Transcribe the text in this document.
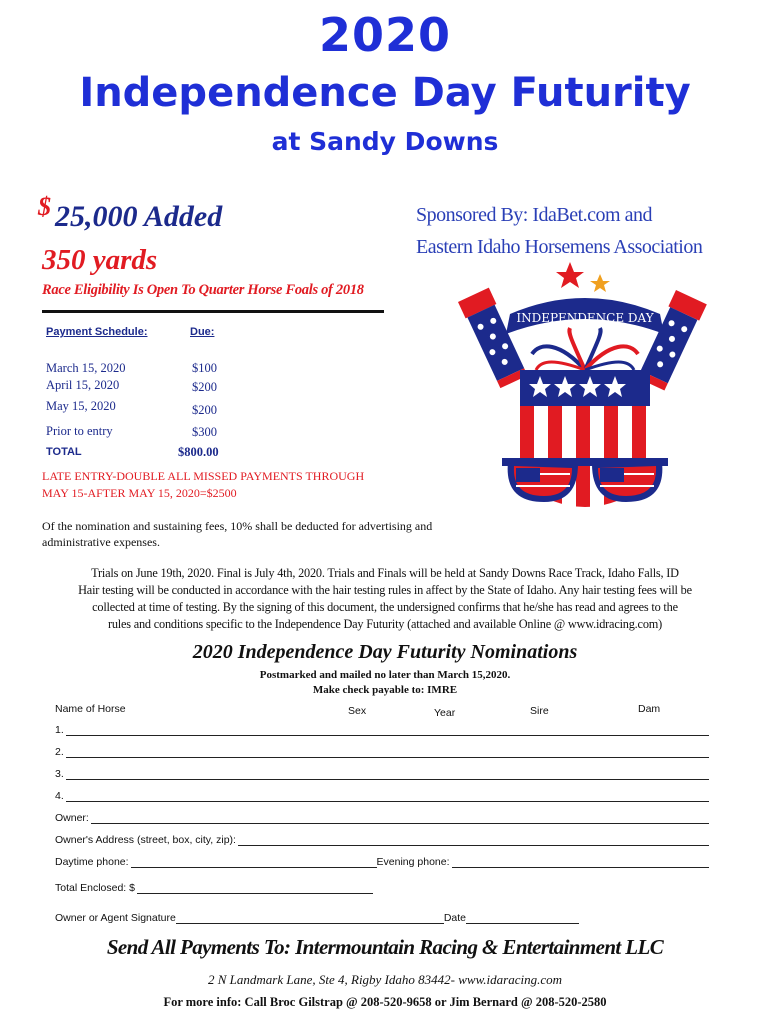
2020
Independence Day Futurity
at Sandy Downs
$ 25,000 Added
350 yards
Race Eligibility Is Open To Quarter Horse Foals of 2018
Sponsored By: IdaBet.com and
Eastern Idaho Horsemens Association
INDEPENDENCE DAY
Payment Schedule:	Due:
March 15, 2020	$100
April 15, 2020	$200
May 15, 2020	$200
Prior to entry	$300
TOTAL	$800.00
LATE ENTRY-DOUBLE ALL MISSED PAYMENTS THROUGH
MAY 15-AFTER MAY 15, 2020=$2500
Of the nomination and sustaining fees, 10% shall be deducted for advertising and
administrative expenses.
Trials on June 19th, 2020. Final is July 4th, 2020. Trials and Finals will be held at Sandy Downs Race Track, Idaho Falls, ID
Hair testing will be conducted in accordance with the hair testing rules in affect by the State of Idaho. Any hair testing fees will be
collected at time of testing. By the signing of this document, the undersigned confirms that he/she has read and agrees to the
rules and conditions specific to the Independence Day Futurity (attached and available Online @ www.idracing.com)
2020 Independence Day Futurity Nominations
Postmarked and mailed no later than March 15,2020.
Make check payable to: IMRE
Name of Horse	Sex	Year	Sire	Dam
1.
2.
3.
4.
Owner:
Owner's Address (street, box, city, zip):
Daytime phone:	Evening phone:
Total Enclosed: $
Owner or Agent Signature	Date
Send All Payments To: Intermountain Racing & Entertainment LLC
2 N Landmark Lane, Ste 4, Rigby Idaho 83442- www.idaracing.com
For more info: Call Broc Gilstrap @ 208-520-9658 or Jim Bernard @ 208-520-2580
